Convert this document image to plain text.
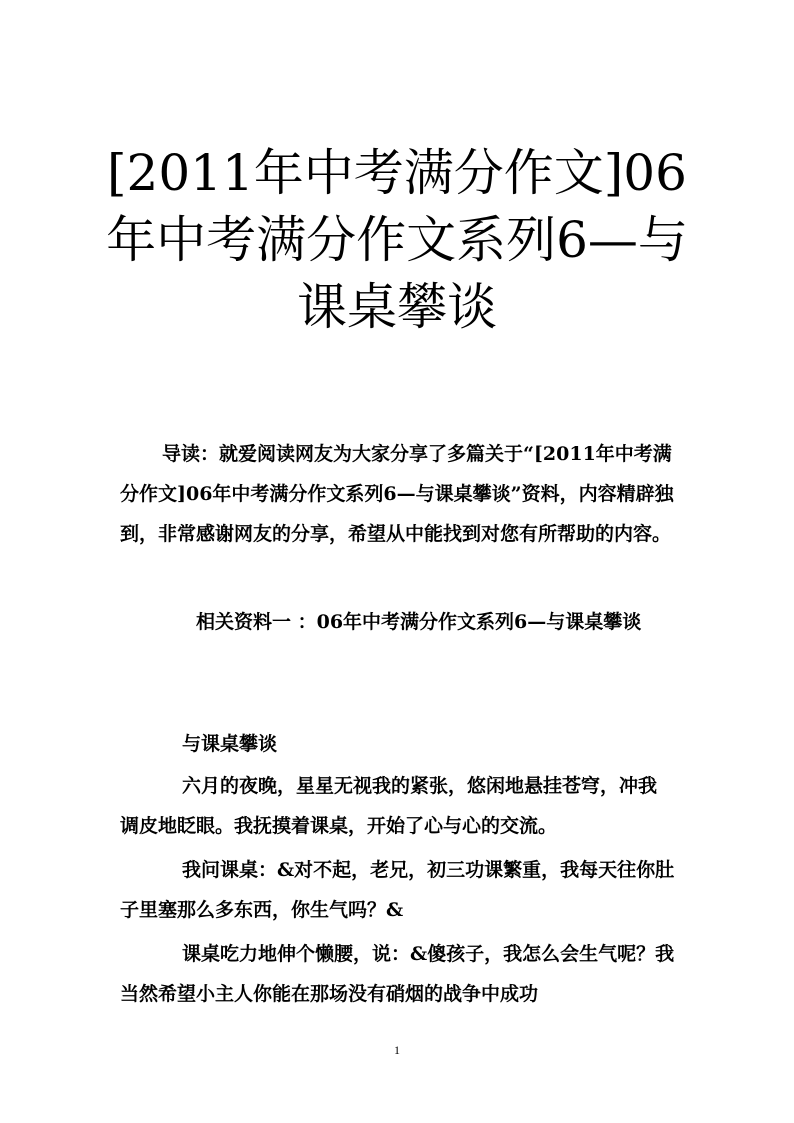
[2011年中考满分作文]06年中考满分作文系列6—与课桌攀谈

导读：就爱阅读网友为大家分享了多篇关于“[2011年中考满分作文]06年中考满分作文系列6—与课桌攀谈”资料，内容精辟独到，非常感谢网友的分享，希望从中能找到对您有所帮助的内容。

相关资料一 ：06年中考满分作文系列6—与课桌攀谈

与课桌攀谈

六月的夜晚，星星无视我的紧张，悠闲地悬挂苍穹，冲我调皮地眨眼。我抚摸着课桌，开始了心与心的交流。

我问课桌：&对不起，老兄，初三功课繁重，我每天往你肚子里塞那么多东西，你生气吗？&

课桌吃力地伸个懒腰，说：&傻孩子，我怎么会生气呢？我当然希望小主人你能在那场没有硝烟的战争中成功

1
